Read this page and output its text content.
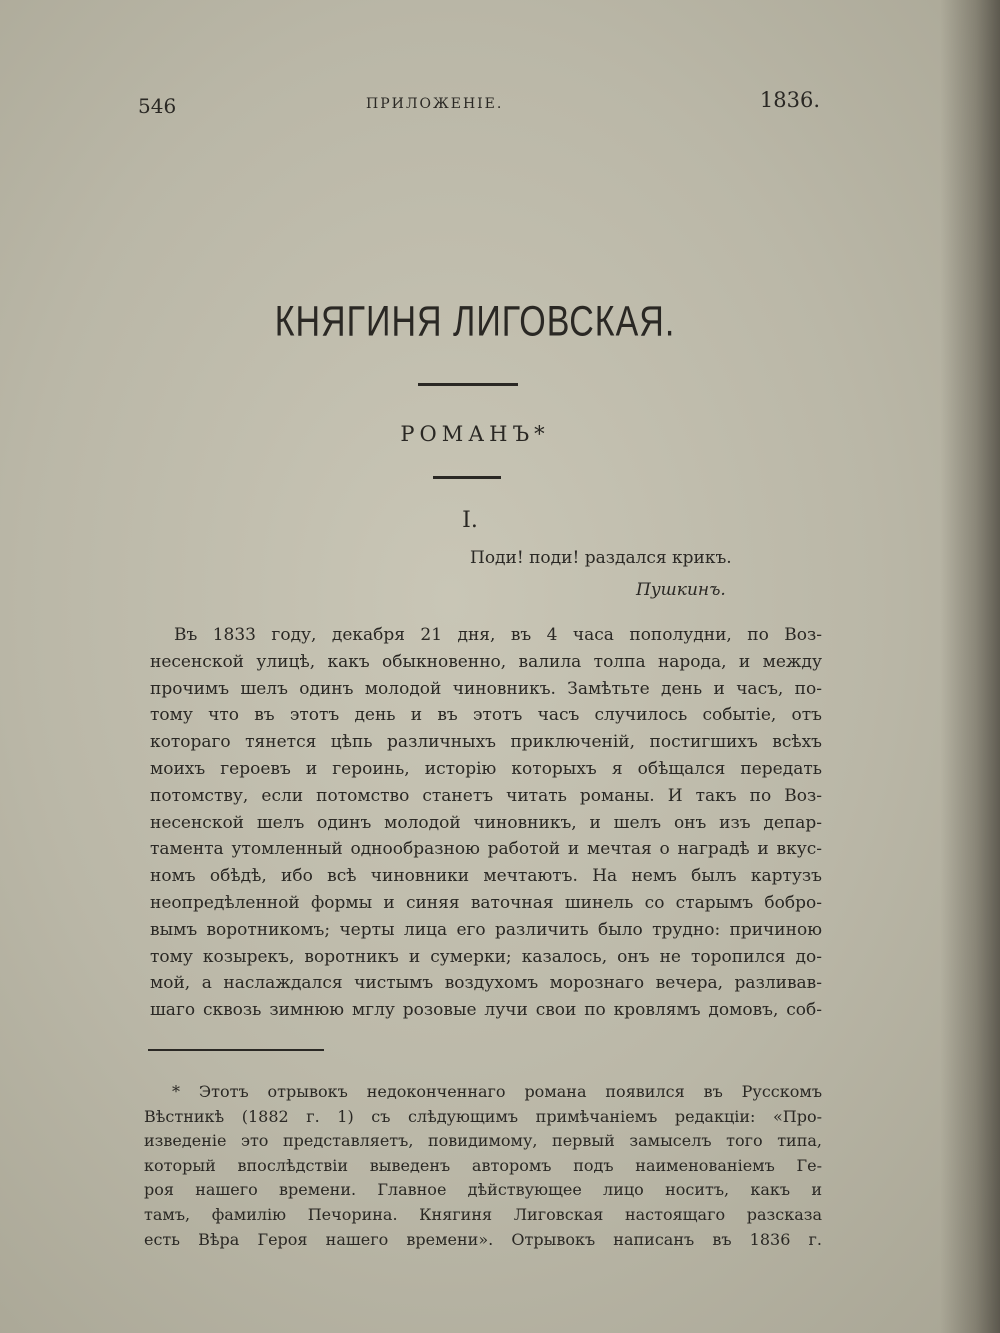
546	ПРИЛОЖЕНІЕ.	1836.
КНЯГИНЯ ЛИГОВСКАЯ.
РОМАНЪ*
I.
Поди! поди! раздался крикъ.
Пушкинъ.
Въ 1833 году, декабря 21 дня, въ 4 часа пополудни, по Воз-
несенской улицѣ, какъ обыкновенно, валила толпа народа, и между
прочимъ шелъ одинъ молодой чиновникъ. Замѣтьте день и часъ, по-
тому что въ этотъ день и въ этотъ часъ случилось событіе, отъ
котораго тянется цѣпь различныхъ приключеній, постигшихъ всѣхъ
моихъ героевъ и героинь, исторію которыхъ я обѣщался передать
потомству, если потомство станетъ читать романы. И такъ по Воз-
несенской шелъ одинъ молодой чиновникъ, и шелъ онъ изъ депар-
тамента утомленный однообразною работой и мечтая о наградѣ и вкус-
номъ обѣдѣ, ибо всѣ чиновники мечтаютъ. На немъ былъ картузъ
неопредѣленной формы и синяя ваточная шинель со старымъ бобро-
вымъ воротникомъ; черты лица его различить было трудно: причиною
тому козырекъ, воротникъ и сумерки; казалось, онъ не торопился до-
мой, а наслаждался чистымъ воздухомъ морознаго вечера, разливав-
шаго сквозь зимнюю мглу розовые лучи свои по кровлямъ домовъ, соб-
* Этотъ отрывокъ недоконченнаго романа появился въ Русскомъ
Вѣстникѣ (1882 г. 1) съ слѣдующимъ примѣчаніемъ редакціи: «Про-
изведеніе это представляетъ, повидимому, первый замыселъ того типа,
который впослѣдствіи выведенъ авторомъ подъ наименованіемъ Ге-
роя нашего времени. Главное дѣйствующее лицо носитъ, какъ и
тамъ, фамилію Печорина. Княгиня Лиговская настоящаго разсказа
есть Вѣра Героя нашего времени». Отрывокъ написанъ въ 1836 г.
